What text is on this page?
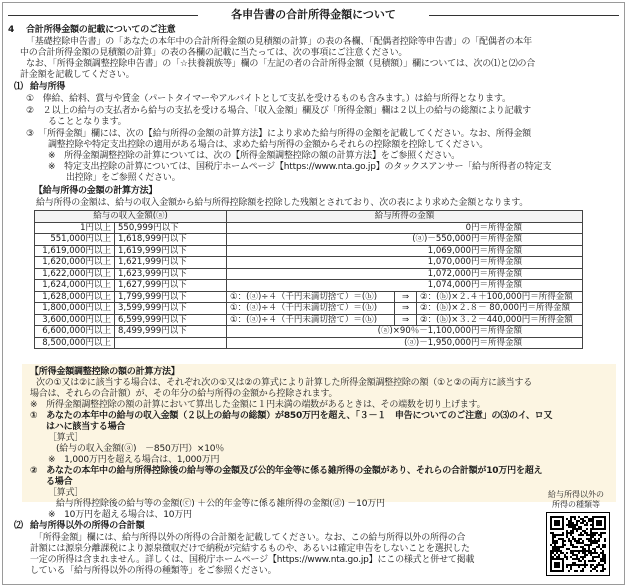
各申告書の合計所得金額について
4 合計所得金額の記載についてのご注意
「基礎控除申告書」の「あなたの本年中の合計所得金額の見積額の計算」の表の各欄、「配偶者控除等申告書」の「配偶者の本年
中の合計所得金額の見積額の計算」の表の各欄の記載に当たっては、次の事項にご注意ください。
なお、「所得金額調整控除申告書」の「☆扶養親族等」欄の「左記の者の合計所得金額（見積額）」欄については、次の⑴と⑵の合
計金額を記載してください。
⑴ 給与所得
①　俸給、給料、賞与や賃金（パートタイマーやアルバイトとして支払を受けるものも含みます。）は給与所得となります。
②　２以上の給与の支払者から給与の支払を受ける場合、「収入金額」欄及び「所得金額」欄は２以上の給与の総額により記載す
ることとなります。
③　「所得金額」欄には、次の【給与所得の金額の計算方法】により求めた給与所得の金額を記載してください。なお、所得金額
調整控除や特定支出控除の適用がある場合は、求めた給与所得の金額からそれらの控除額を控除してください。
※　所得金額調整控除の計算については、次の【所得金額調整控除の額の計算方法】をご参照ください。
※　特定支出控除の計算については、国税庁ホームページ【https://www.nta.go.jp】のタックスアンサー「給与所得者の特定支
出控除」をご参照ください。
【給与所得の金額の計算方法】
給与所得の金額は、給与の収入金額から給与所得控除額を控除した残額とされており、次の表により求めた金額となります。
給与の収入金額(ⓐ)		給与所得の金額		
1円以上	550,999円以下	0円＝所得金額		
551,000円以上	1,618,999円以下	(ⓐ)－550,000円＝所得金額		
1,619,000円以上	1,619,999円以下	1,069,000円＝所得金額		
1,620,000円以上	1,621,999円以下	1,070,000円＝所得金額		
1,622,000円以上	1,623,999円以下	1,072,000円＝所得金額		
1,624,000円以上	1,627,999円以下	1,074,000円＝所得金額		
1,628,000円以上	1,799,999円以下	①：(ⓐ)÷４（千円未満切捨て）＝(ⓑ)	⇒	②：(ⓑ)×２.４＋100,000円＝所得金額
1,800,000円以上	3,599,999円以下	①：(ⓐ)÷４（千円未満切捨て）＝(ⓑ)	⇒	②：(ⓑ)×２.８－ 80,000円＝所得金額
3,600,000円以上	6,599,999円以下	①：(ⓐ)÷４（千円未満切捨て）＝(ⓑ)	⇒	②：(ⓑ)×３.２－440,000円＝所得金額
6,600,000円以上	8,499,999円以下	(ⓐ)×90％－1,100,000円＝所得金額		
8,500,000円以上		(ⓐ)－1,950,000円＝所得金額		
【所得金額調整控除の額の計算方法】
次の①又は②に該当する場合は、それぞれ次の①又は②の算式により計算した所得金額調整控除の額（①と②の両方に該当する
場合は、それらの合計額）が、その年分の給与所得の金額から控除されます。
※　所得金額調整控除の額の計算において算出した金額に１円未満の端数があるときは、その端数を切り上げます。
①　あなたの本年中の給与の収入金額（２以上の給与の総額）が850万円を超え、「３－１　申告についてのご注意」の⑶のイ、ロ又
はハに該当する場合
［算式］
(給与の収入金額(ⓐ)　－850万円）×10％
※　1,000万円を超える場合は、1,000万円
②　あなたの本年中の給与所得控除後の給与等の金額及び公的年金等に係る雑所得の金額があり、それらの合計額が10万円を超え
る場合
［算式］
給与所得控除後の給与等の金額(ⓒ) ＋公的年金等に係る雑所得の金額(ⓓ) －10万円
※　10万円を超える場合は、10万円
⑵ 給与所得以外の所得の合計額
「所得金額」欄には、給与所得以外の所得の合計額を記載してください。なお、この給与所得以外の所得の合
計額には源泉分離課税により源泉徴収だけで納税が完結するものや、あるいは確定申告をしないことを選択した
一定の所得は含まれません。詳しくは、国税庁ホームページ【https://www.nta.go.jp】にこの様式と併せて掲載
している「給与所得以外の所得の種類等」をご参照ください。
給与所得以外の
所得の種類等
